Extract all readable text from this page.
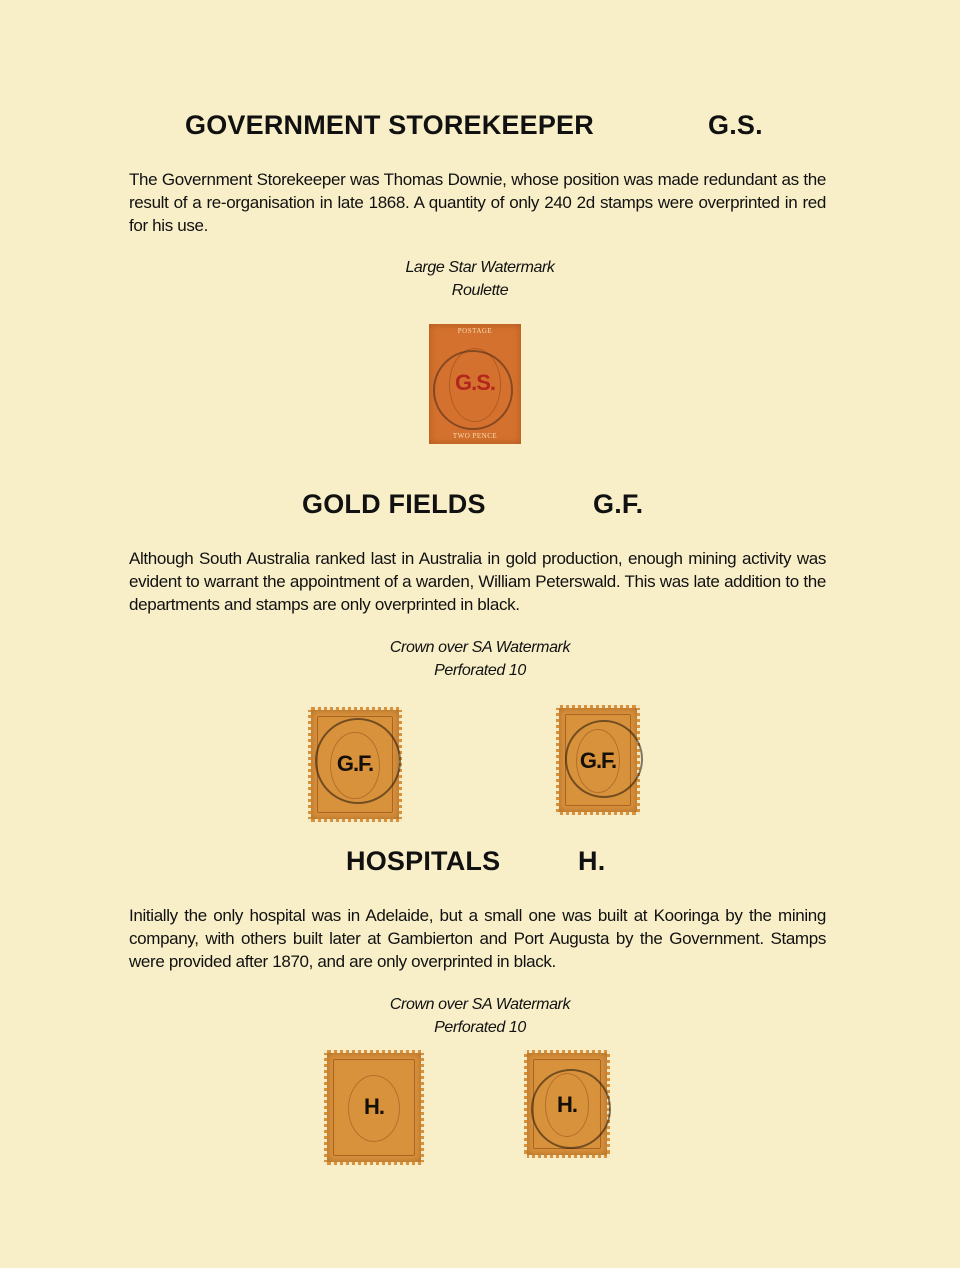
GOVERNMENT STOREKEEPER	G.S.
The Government Storekeeper was Thomas Downie, whose position was made redundant as the result of a re-organisation in late 1868. A quantity of only 240 2d stamps were overprinted in red for his use.
Large Star Watermark
Roulette
POSTAGE
G.S.
TWO PENCE
GOLD FIELDS	G.F.
Although South Australia ranked last in Australia in gold production, enough mining activity was evident to warrant the appointment of a warden, William Peterswald. This was late addition to the departments and stamps are only overprinted in black.
Crown over SA Watermark
Perforated 10
G.F.	G.F.
HOSPITALS	H.
Initially the only hospital was in Adelaide, but a small one was built at Kooringa by the mining company, with others built later at Gambierton and Port Augusta by the Government. Stamps were provided after 1870, and are only overprinted in black.
Crown over SA Watermark
Perforated 10
H.	H.
